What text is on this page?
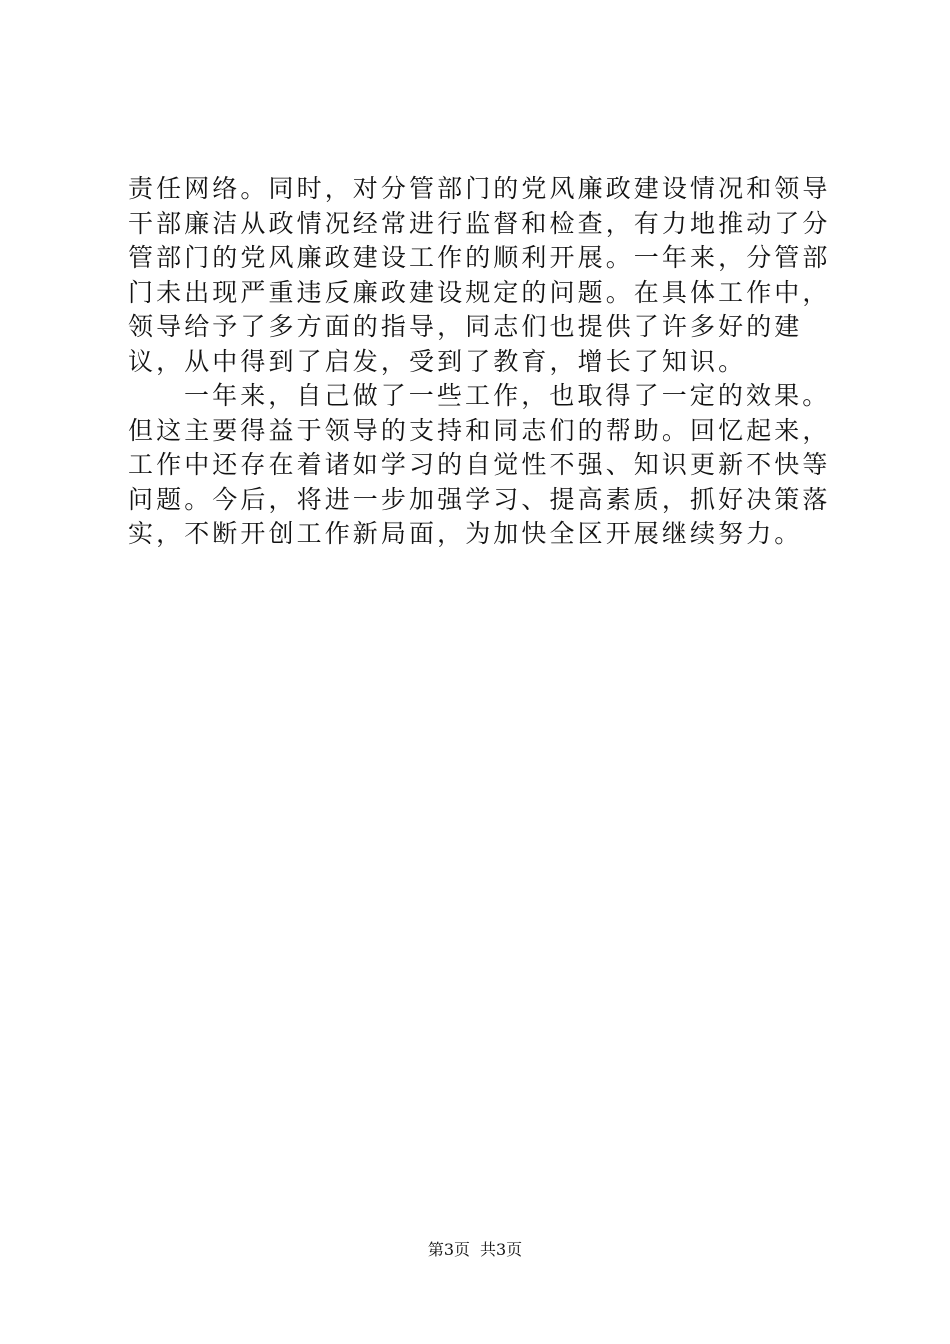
责任网络。同时，对分管部门的党风廉政建设情况和领导干部廉洁从政情况经常进行监督和检查，有力地推动了分管部门的党风廉政建设工作的顺利开展。一年来，分管部门未出现严重违反廉政建设规定的问题。在具体工作中，领导给予了多方面的指导，同志们也提供了许多好的建议，从中得到了启发，受到了教育，增长了知识。

一年来，自己做了一些工作，也取得了一定的效果。但这主要得益于领导的支持和同志们的帮助。回忆起来，工作中还存在着诸如学习的自觉性不强、知识更新不快等问题。今后，将进一步加强学习、提高素质，抓好决策落实，不断开创工作新局面，为加快全区开展继续努力。

第3页 共3页
